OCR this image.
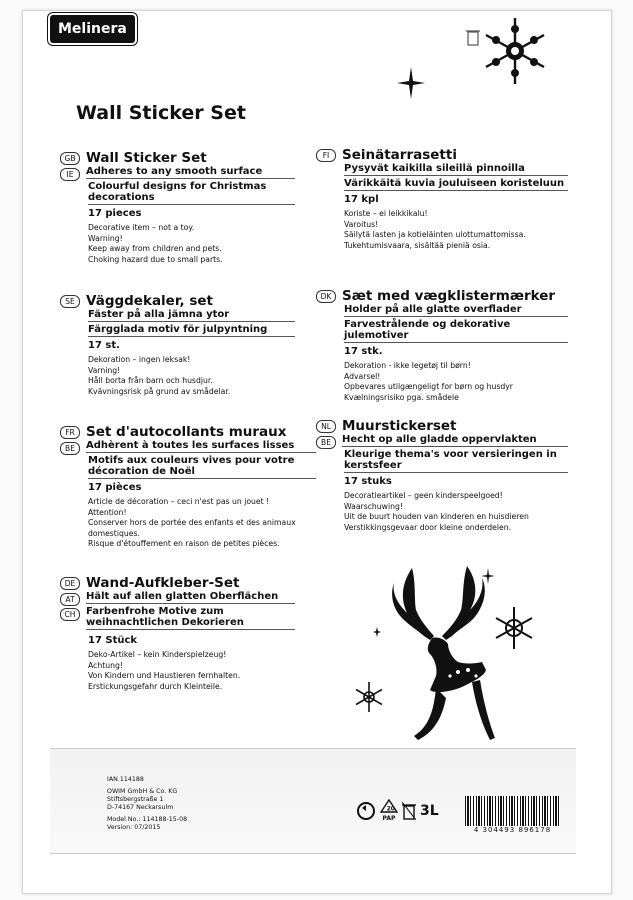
Melinera
Wall Sticker Set
GB Wall Sticker Set
IE	Adheres to any smooth surface
Colourful designs for Christmas decorations
17 pieces
Decorative item – not a toy.
Warning!
Keep away from children and pets.
Choking hazard due to small parts.
SE Väggdekaler, set
Fäster på alla jämna ytor
Färgglada motiv för julpyntning
17 st.
Dekoration – ingen leksak!
Varning!
Håll borta från barn och husdjur.
Kvävningsrisk på grund av smådelar.
FR Set d'autocollants muraux
BE	Adhèrent à toutes les surfaces lisses
Motifs aux couleurs vives pour votre décoration de Noël
17 pièces
Article de décoration – ceci n'est pas un jouet !
Attention!
Conserver hors de portée des enfants et des animaux domestiques.
Risque d'étouffement en raison de petites pièces.
DE Wand-Aufkleber-Set
AT	Hält auf allen glatten Oberflächen
CH	Farbenfrohe Motive zum weihnachtlichen Dekorieren
17 Stück
Deko-Artikel – kein Kinderspielzeug!
Achtung!
Von Kindern und Haustieren fernhalten.
Erstickungsgefahr durch Kleinteile.
FI Seinätarrasetti
Pysyvät kaikilla sileillä pinnoilla
Värikkäitä kuvia jouluiseen koristeluun
17 kpl
Koriste – ei leikkikalu!
Varoitus!
Säilytä lasten ja kotieläinten ulottumattomissa.
Tukehtumisvaara, sisältää pieniä osia.
DK Sæt med vægklistermærker
Holder på alle glatte overflader
Farvestrålende og dekorative julemotiver
17 stk.
Dekoration - ikke legetøj til børn!
Advarsel!
Opbevares utilgængeligt for børn og husdyr
Kvælningsrisiko pga. smådele
NL Muurstickerset
BE	Hecht op alle gladde oppervlakten
Kleurige thema's voor versieringen in kerstsfeer
17 stuks
Decoratieartikel – geen kinderspeelgoed!
Waarschuwing!
Uit de buurt houden van kinderen en huisdieren
Verstikkingsgevaar door kleine onderdelen.
IAN 114188
OWIM GmbH & Co. KG
Stiftsbergstraße 1
D-74167 Neckarsulm
Model No.: 114188-15-08
Version: 07/2015
20

PAP 3L
4 304493 896178
